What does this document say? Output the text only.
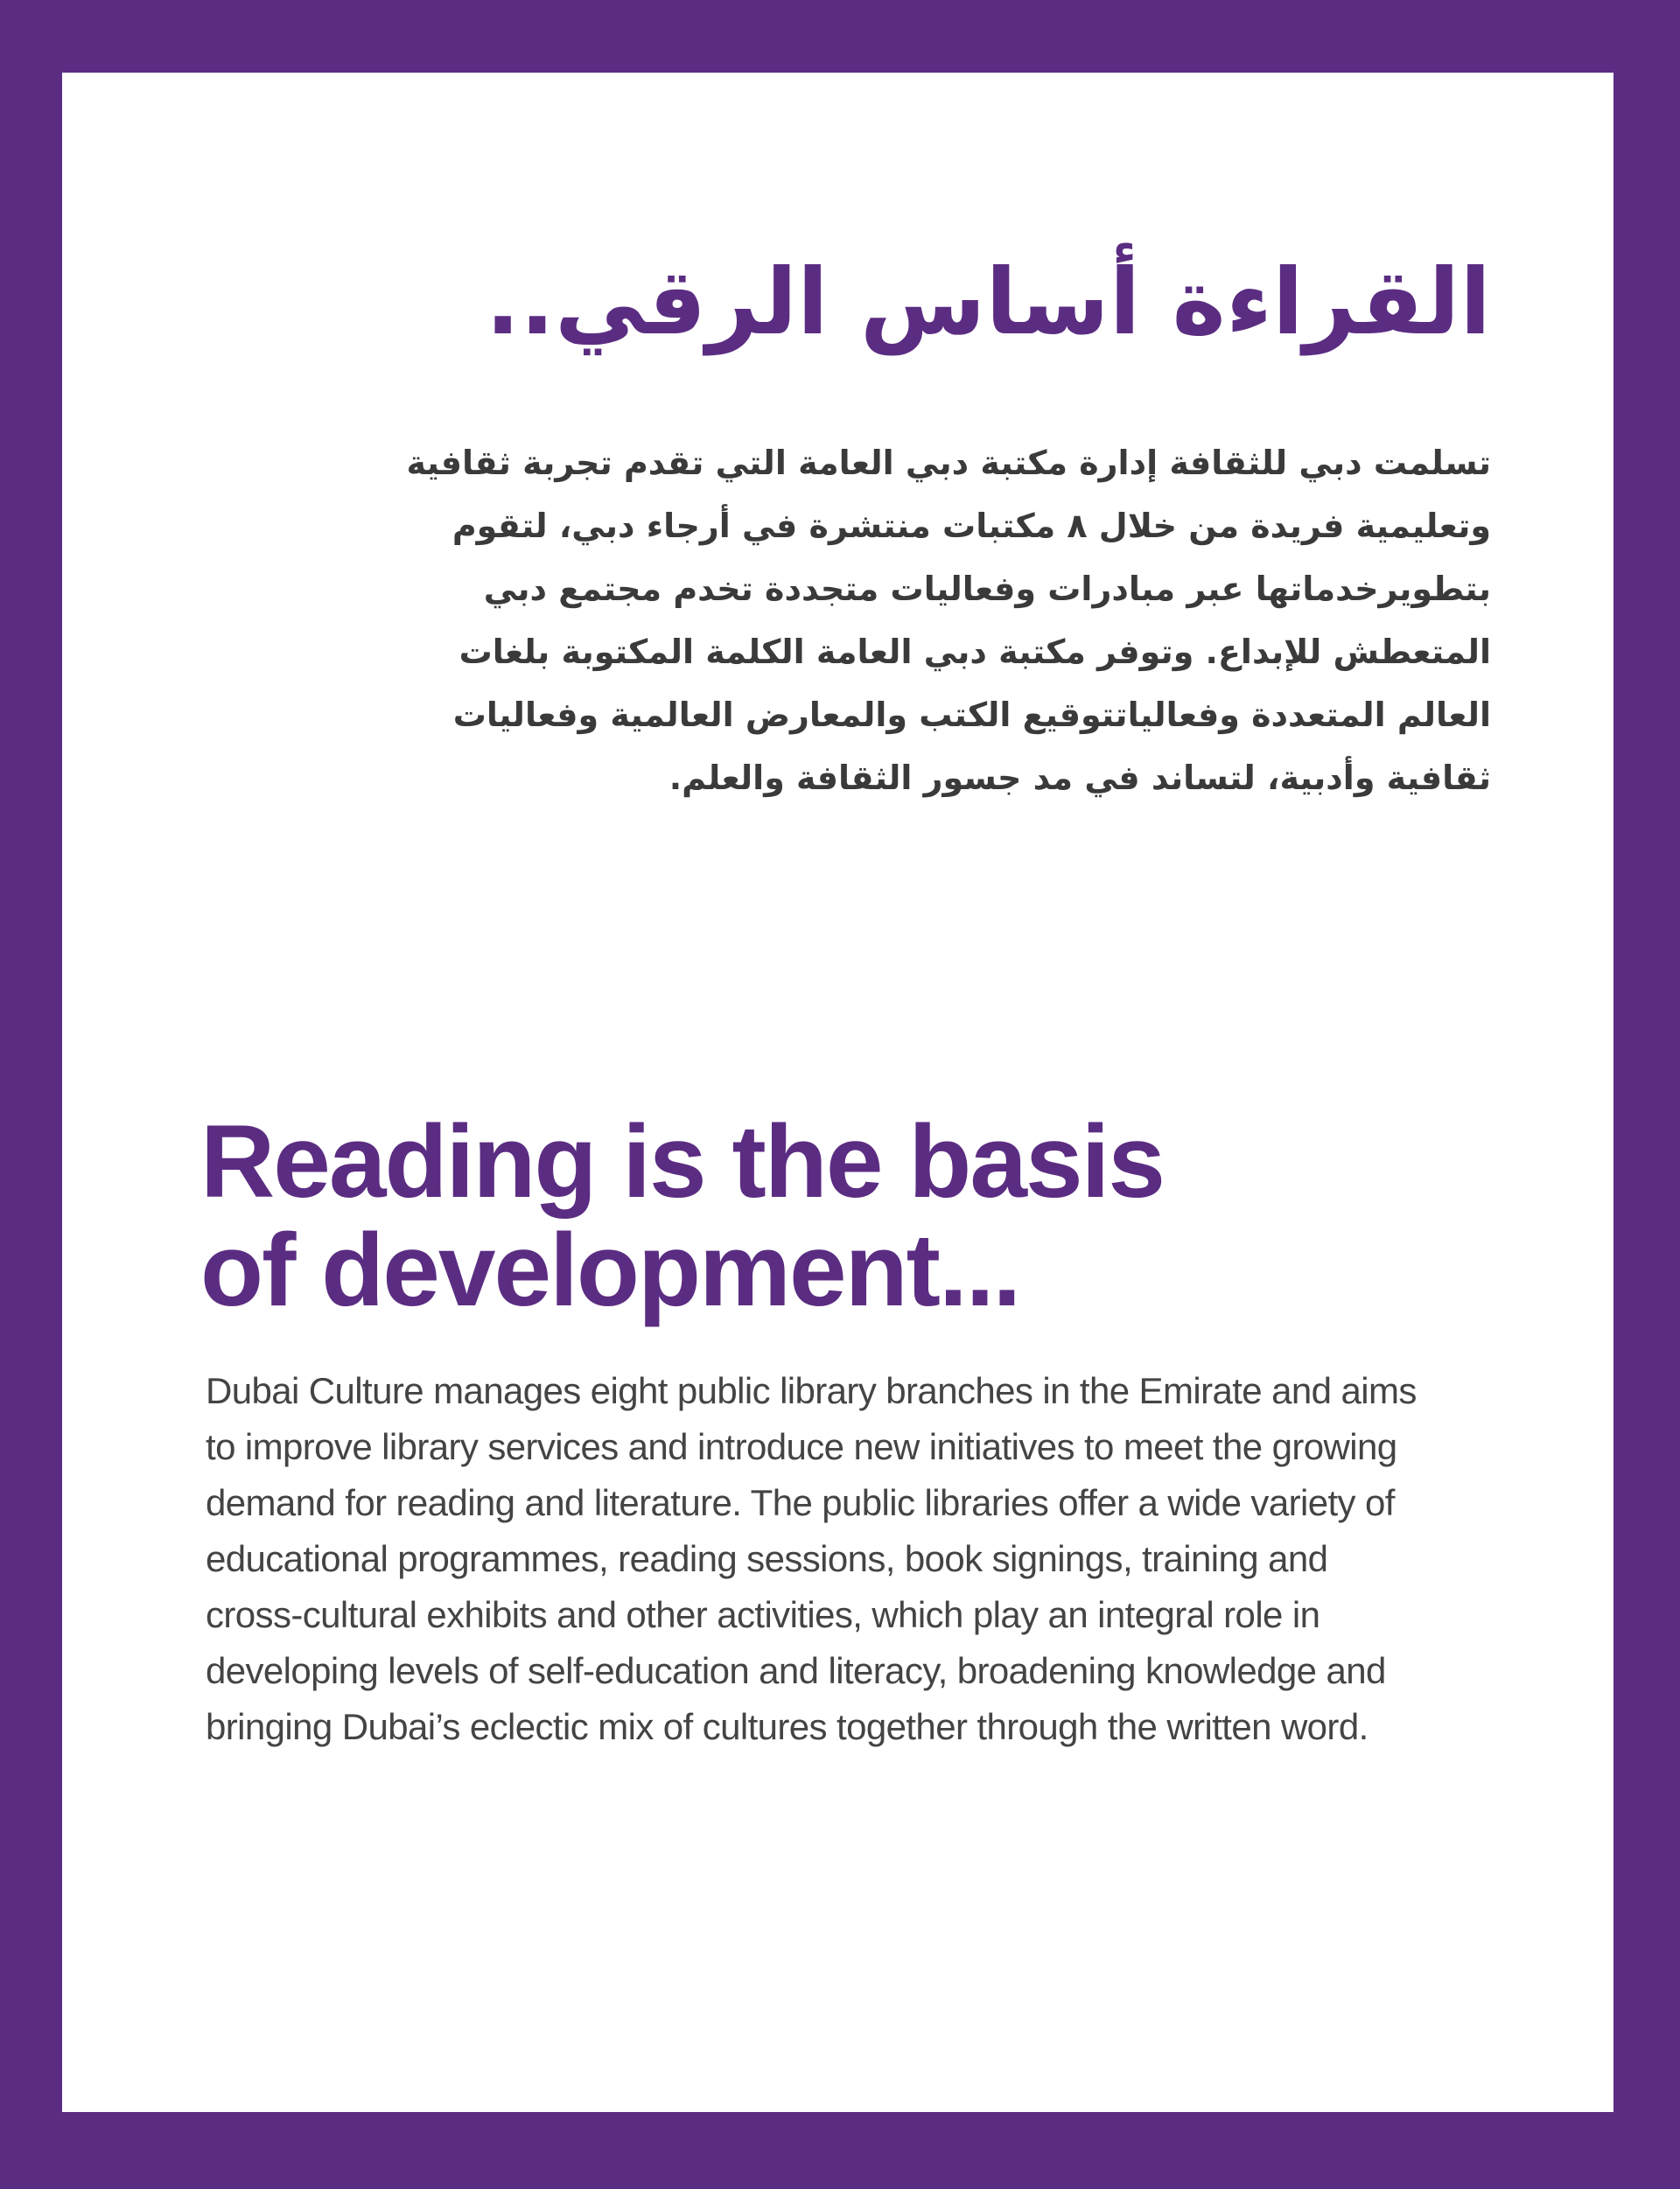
القراءة أساس الرقي..

تسلمت دبي للثقافة إدارة مكتبة دبي العامة التي تقدم تجربة ثقافية
وتعليمية فريدة من خلال ٨ مكتبات منتشرة في أرجاء دبي، لتقوم
بتطويرخدماتها عبر مبادرات وفعاليات متجددة تخدم مجتمع دبي
المتعطش للإبداع. وتوفر مكتبة دبي العامة الكلمة المكتوبة بلغات
العالم المتعددة وفعالياتتوقيع الكتب والمعارض العالمية وفعاليات
ثقافية وأدبية، لتساند في مد جسور الثقافة والعلم.

Reading is the basis
of development...

Dubai Culture manages eight public library branches in the Emirate and aims
to improve library services and introduce new initiatives to meet the growing
demand for reading and literature. The public libraries offer a wide variety of
educational programmes, reading sessions, book signings, training and
cross-cultural exhibits and other activities, which play an integral role in
developing levels of self-education and literacy, broadening knowledge and
bringing Dubai’s eclectic mix of cultures together through the written word.
